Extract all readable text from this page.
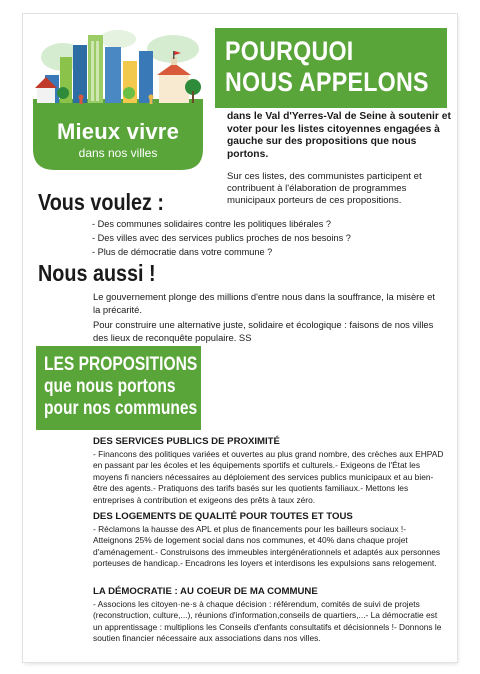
Mieux vivre
dans nos villes
POURQUOI
NOUS APPELONS
dans le Val d'Yerres-Val de Seine à soutenir et voter pour les listes citoyennes engagées à gauche sur des propositions que nous portons.
Sur ces listes, des communistes participent et contribuent à l'élaboration de programmes municipaux porteurs de ces propositions.
Vous voulez :
- Des communes solidaires contre les politiques libérales ?
- Des villes avec des services publics proches de nos besoins ?
- Plus de démocratie dans votre commune ?
Nous aussi !

Le gouvernement plonge des millions d'entre nous dans la souffrance, la misère et la précarité.

Pour construire une alternative juste, solidaire et écologique : faisons de nos villes des lieux de reconquête populaire. SS

LES PROPOSITIONS
que nous portons
pour nos communes
DES SERVICES PUBLICS DE PROXIMITÉ
- Financons des politiques variées et ouvertes au plus grand nombre, des crèches aux EHPAD en passant par les écoles et les équipements sportifs et culturels.- Exigeons de l'État les moyens fi nanciers nécessaires au déploiement des services publics municipaux et au bien-être des agents.- Pratiquons des tarifs basés sur les quotients familiaux.- Mettons les entreprises à contribution et exigeons des prêts à taux zéro.
DES LOGEMENTS DE QUALITÉ POUR TOUTES ET TOUS
- Réclamons la hausse des APL et plus de financements pour les bailleurs sociaux !- Atteignons 25% de logement social dans nos communes, et 40% dans chaque projet d'aménagement.- Construisons des immeubles intergénérationnels et adaptés aux personnes porteuses de handicap.- Encadrons les loyers et interdisons les expulsions sans relogement.
LA DÉMOCRATIE : AU COEUR DE MA COMMUNE
- Associons les citoyen·ne·s à chaque décision : référendum, comités de suivi de projets (reconstruction, culture,...), réunions d'information,conseils de quartiers,...- La démocratie est un apprentissage : multiplions les Conseils d'enfants consultatifs et décisionnels !- Donnons le soutien financier nécessaire aux associations dans nos villes.
